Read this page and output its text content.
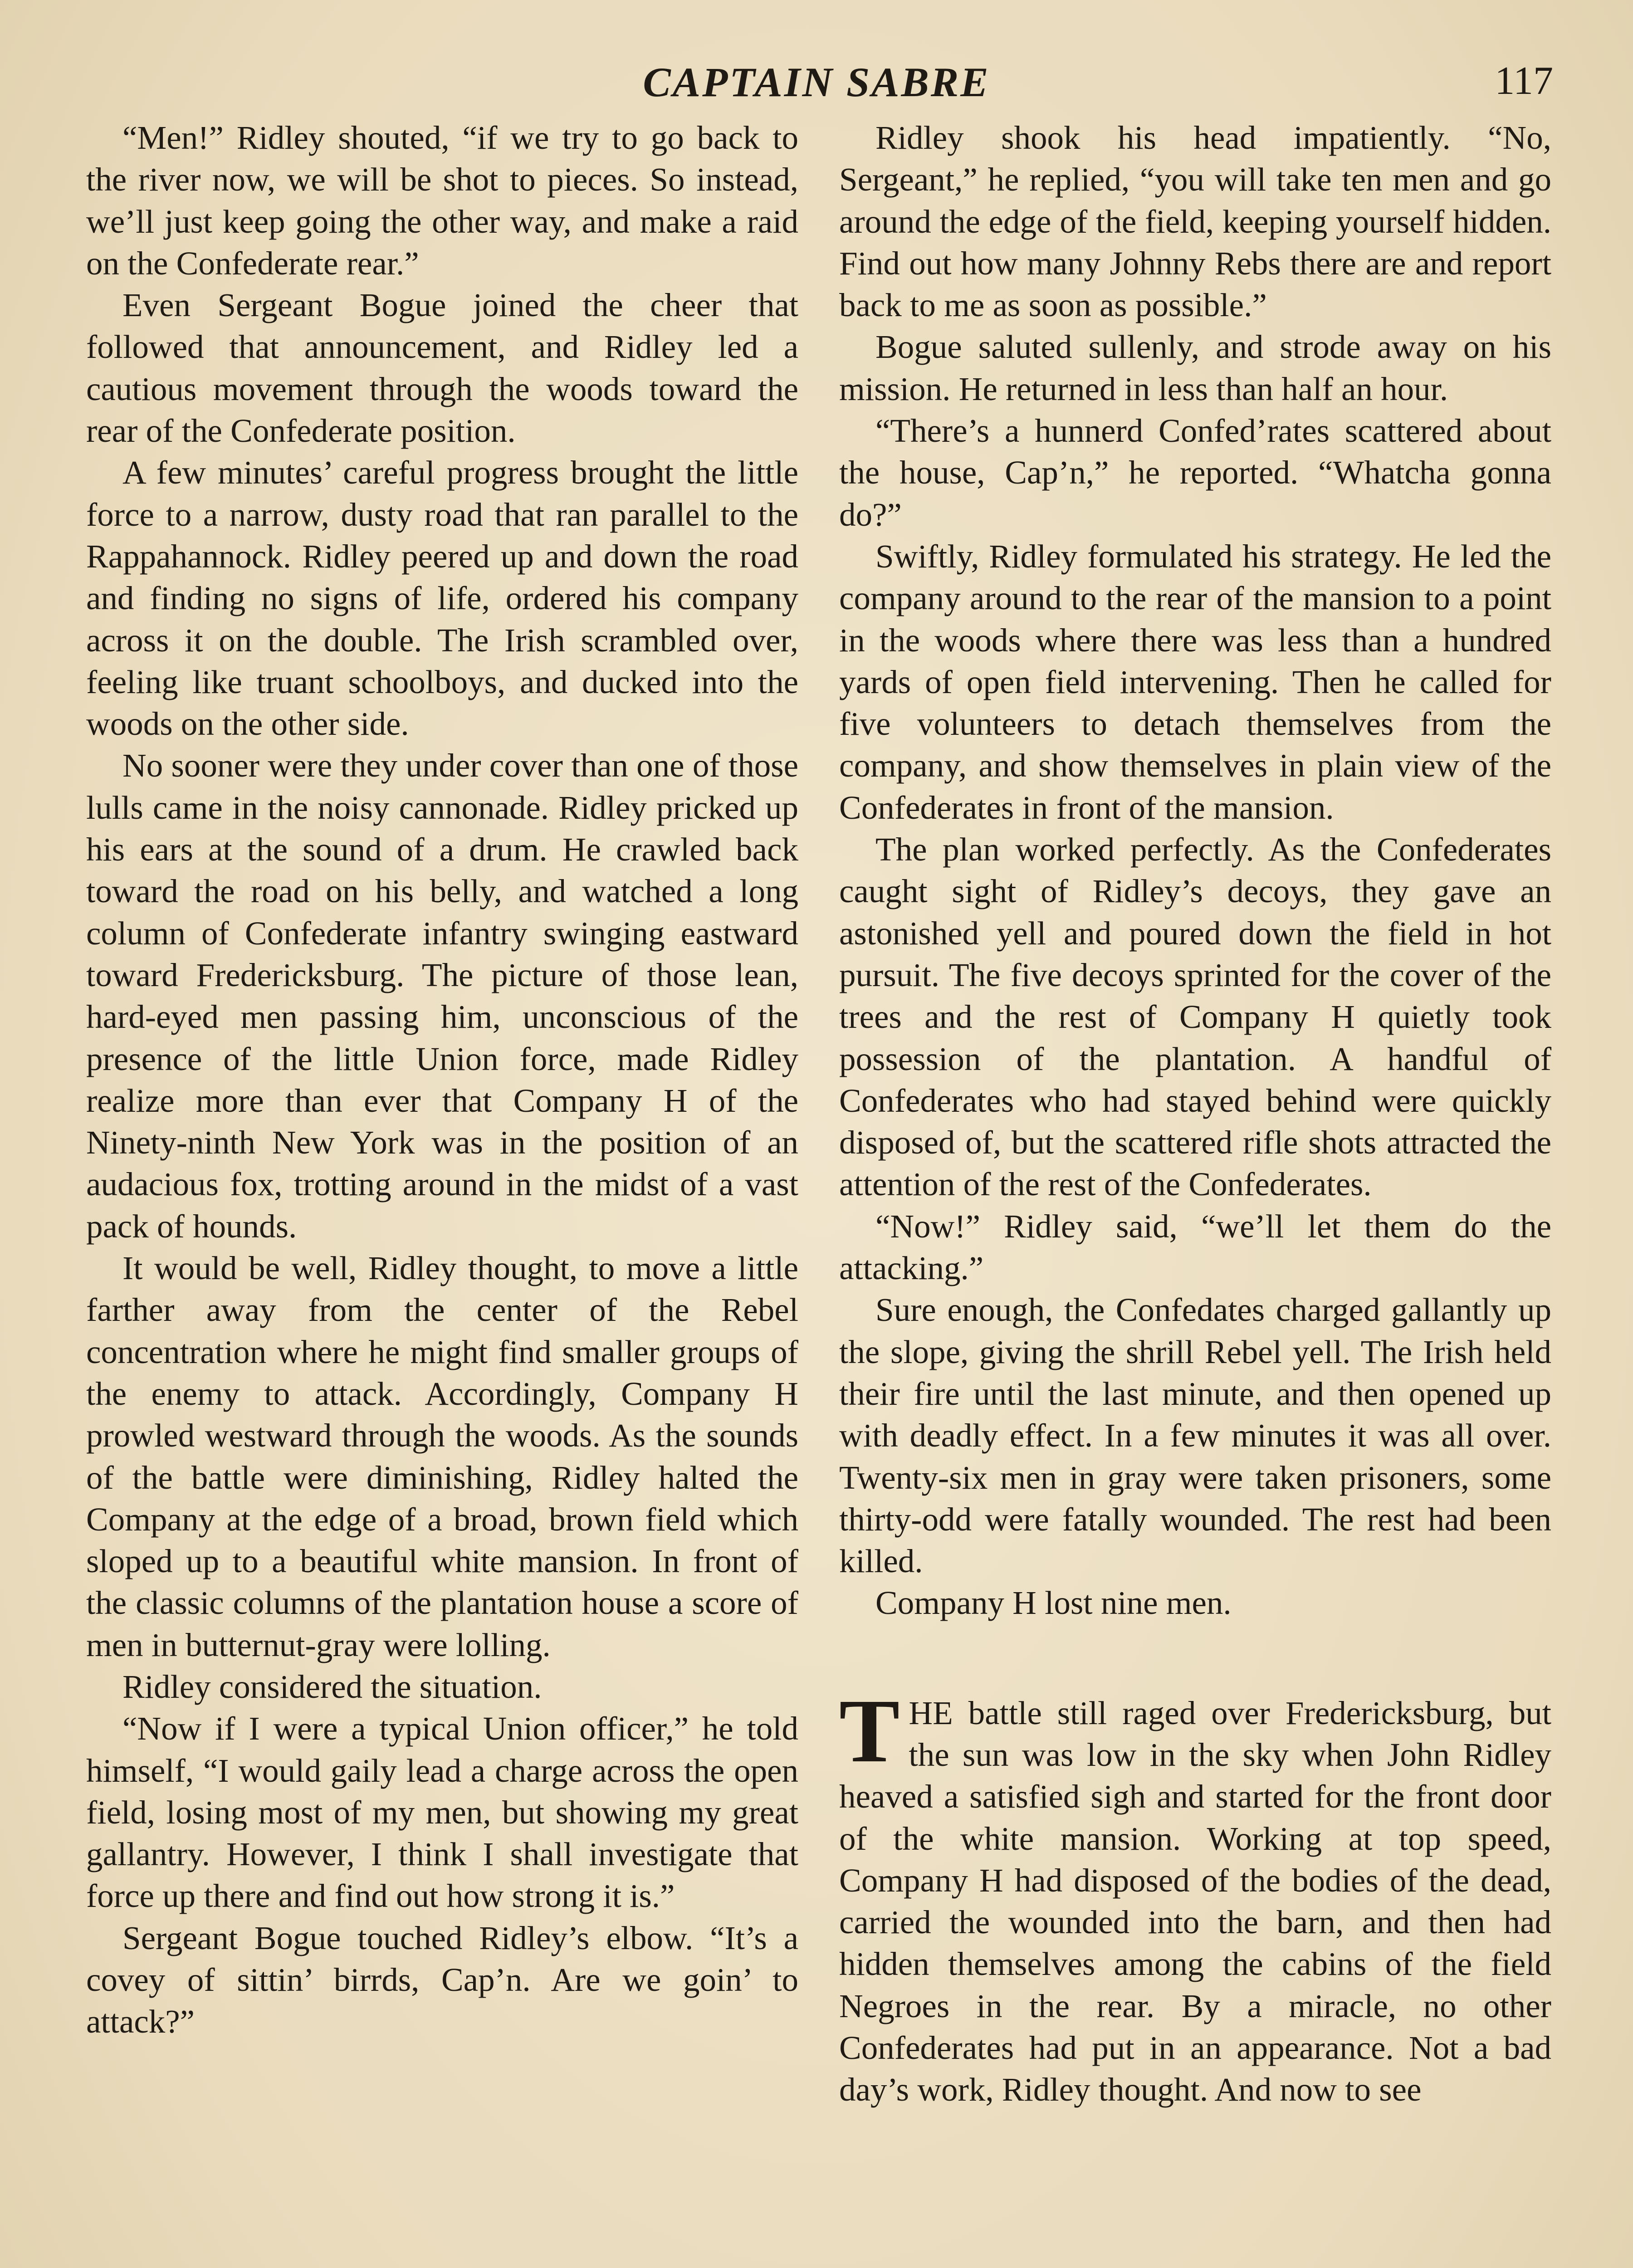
CAPTAIN SABRE	117

“Men!” Ridley shouted, “if we try to go back to the river now, we will be shot to pieces. So instead, we’ll just keep going the other way, and make a raid on the Confederate rear.”

Even Sergeant Bogue joined the cheer that followed that announcement, and Ridley led a cautious movement through the woods toward the rear of the Confederate position.

A few minutes’ careful progress brought the little force to a narrow, dusty road that ran parallel to the Rappahannock. Ridley peered up and down the road and finding no signs of life, ordered his company across it on the double. The Irish scrambled over, feeling like truant schoolboys, and ducked into the woods on the other side.

No sooner were they under cover than one of those lulls came in the noisy cannonade. Ridley pricked up his ears at the sound of a drum. He crawled back toward the road on his belly, and watched a long column of Confederate infantry swinging eastward toward Fredericksburg. The picture of those lean, hard-eyed men passing him, unconscious of the presence of the little Union force, made Ridley realize more than ever that Company H of the Ninety-ninth New York was in the position of an audacious fox, trotting around in the midst of a vast pack of hounds.

It would be well, Ridley thought, to move a little farther away from the center of the Rebel concentration where he might find smaller groups of the enemy to attack. Accordingly, Company H prowled westward through the woods. As the sounds of the battle were diminishing, Ridley halted the Company at the edge of a broad, brown field which sloped up to a beautiful white mansion. In front of the classic columns of the plantation house a score of men in butternut-gray were lolling.

Ridley considered the situation.

“Now if I were a typical Union officer,” he told himself, “I would gaily lead a charge across the open field, losing most of my men, but showing my great gallantry. However, I think I shall investigate that force up there and find out how strong it is.”

Sergeant Bogue touched Ridley’s elbow. “It’s a covey of sittin’ birrds, Cap’n. Are we goin’ to attack?”

Ridley shook his head impatiently. “No, Sergeant,” he replied, “you will take ten men and go around the edge of the field, keeping yourself hidden. Find out how many Johnny Rebs there are and report back to me as soon as possible.”

Bogue saluted sullenly, and strode away on his mission. He returned in less than half an hour.

“There’s a hunnerd Confed’rates scattered about the house, Cap’n,” he reported. “Whatcha gonna do?”

Swiftly, Ridley formulated his strategy. He led the company around to the rear of the mansion to a point in the woods where there was less than a hundred yards of open field intervening. Then he called for five volunteers to detach themselves from the company, and show themselves in plain view of the Confederates in front of the mansion.

The plan worked perfectly. As the Confederates caught sight of Ridley’s decoys, they gave an astonished yell and poured down the field in hot pursuit. The five decoys sprinted for the cover of the trees and the rest of Company H quietly took possession of the plantation. A handful of Confederates who had stayed behind were quickly disposed of, but the scattered rifle shots attracted the attention of the rest of the Confederates.

“Now!” Ridley said, “we’ll let them do the attacking.”

Sure enough, the Confedates charged gallantly up the slope, giving the shrill Rebel yell. The Irish held their fire until the last minute, and then opened up with deadly effect. In a few minutes it was all over. Twenty-six men in gray were taken prisoners, some thirty-odd were fatally wounded. The rest had been killed.

Company H lost nine men.

THE battle still raged over Fredericksburg, but the sun was low in the sky when John Ridley heaved a satisfied sigh and started for the front door of the white mansion. Working at top speed, Company H had disposed of the bodies of the dead, carried the wounded into the barn, and then had hidden themselves among the cabins of the field Negroes in the rear. By a miracle, no other Confederates had put in an appearance. Not a bad day’s work, Ridley thought. And now to see
